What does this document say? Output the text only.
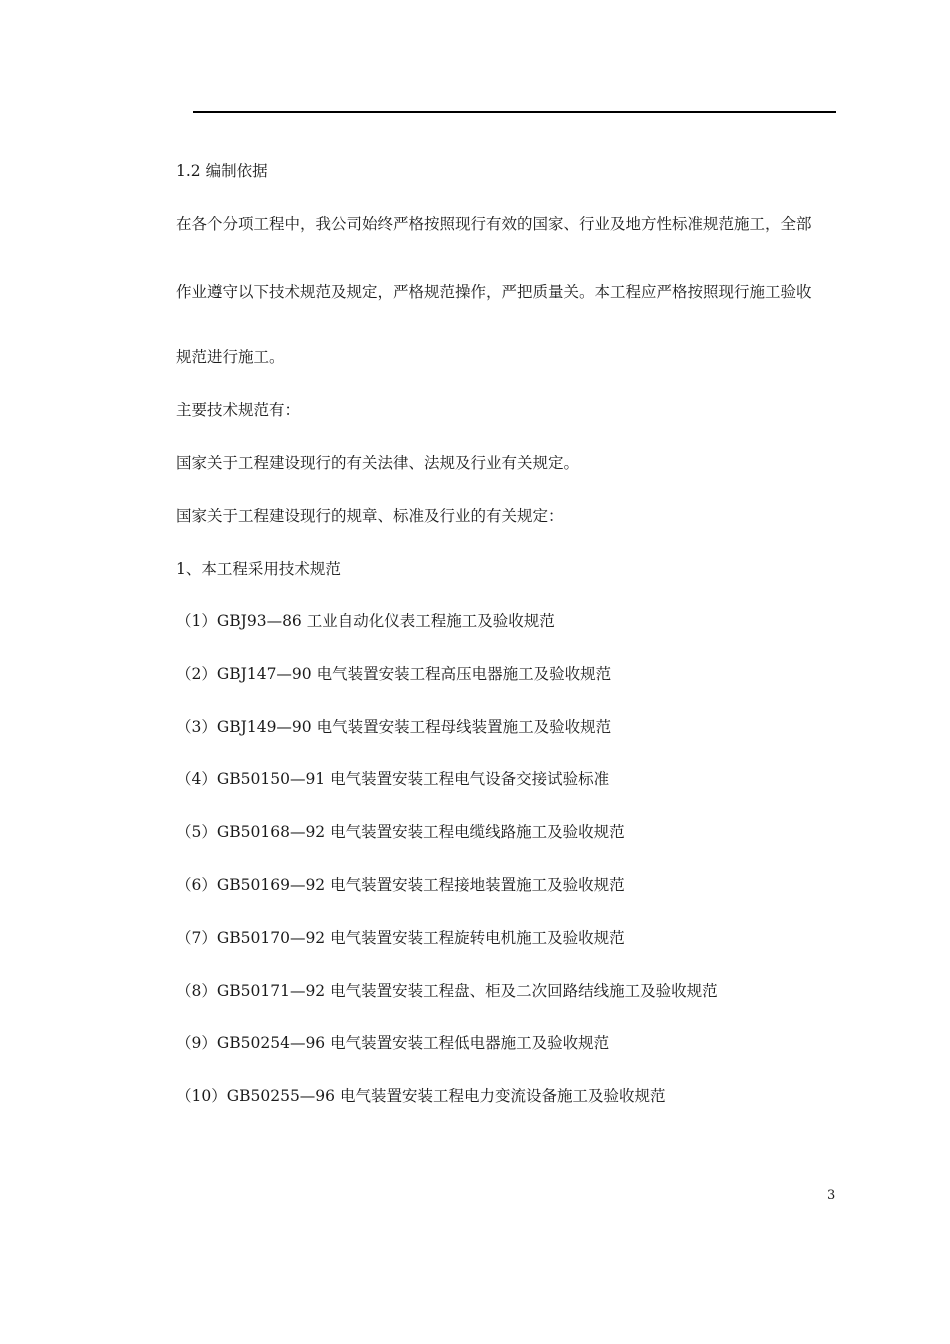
1.2 编制依据

在各个分项工程中，我公司始终严格按照现行有效的国家、行业及地方性标准规范施工，全部

作业遵守以下技术规范及规定，严格规范操作，严把质量关。本工程应严格按照现行施工验收

规范进行施工。

主要技术规范有：

国家关于工程建设现行的有关法律、法规及行业有关规定。

国家关于工程建设现行的规章、标准及行业的有关规定：

1、本工程采用技术规范

（1）GBJ93—86 工业自动化仪表工程施工及验收规范

（2）GBJ147—90 电气装置安装工程高压电器施工及验收规范

（3）GBJ149—90 电气装置安装工程母线装置施工及验收规范

（4）GB50150—91 电气装置安装工程电气设备交接试验标准

（5）GB50168—92 电气装置安装工程电缆线路施工及验收规范

（6）GB50169—92 电气装置安装工程接地装置施工及验收规范

（7）GB50170—92 电气装置安装工程旋转电机施工及验收规范

（8）GB50171—92 电气装置安装工程盘、柜及二次回路结线施工及验收规范

（9）GB50254—96 电气装置安装工程低电器施工及验收规范

（10）GB50255—96 电气装置安装工程电力变流设备施工及验收规范

3
